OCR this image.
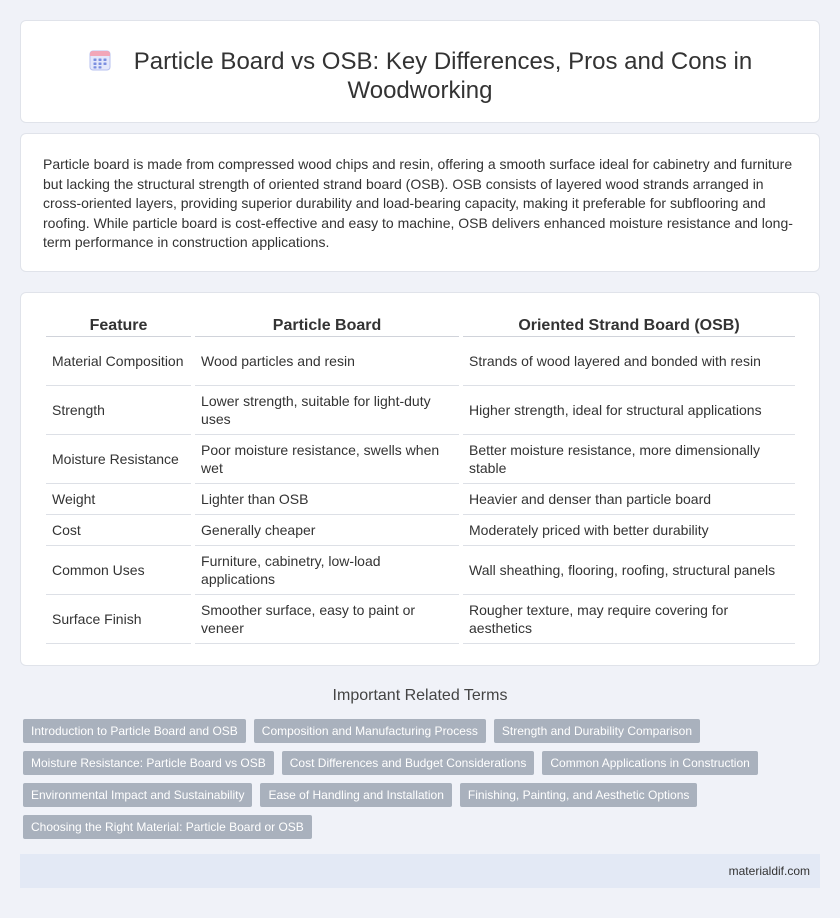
Particle Board vs OSB: Key Differences, Pros and Cons in Woodworking

Particle board is made from compressed wood chips and resin, offering a smooth surface ideal for cabinetry and furniture but lacking the structural strength of oriented strand board (OSB). OSB consists of layered wood strands arranged in cross-oriented layers, providing superior durability and load-bearing capacity, making it preferable for subflooring and roofing. While particle board is cost-effective and easy to machine, OSB delivers enhanced moisture resistance and long-term performance in construction applications.

Feature	Particle Board	Oriented Strand Board (OSB)
Material Composition	Wood particles and resin	Strands of wood layered and bonded with resin
Strength	Lower strength, suitable for light-duty uses	Higher strength, ideal for structural applications
Moisture Resistance	Poor moisture resistance, swells when wet	Better moisture resistance, more dimensionally stable
Weight	Lighter than OSB	Heavier and denser than particle board
Cost	Generally cheaper	Moderately priced with better durability
Common Uses	Furniture, cabinetry, low-load applications	Wall sheathing, flooring, roofing, structural panels
Surface Finish	Smoother surface, easy to paint or veneer	Rougher texture, may require covering for aesthetics
Important Related Terms
Introduction to Particle Board and OSB	Composition and Manufacturing Process	Strength and Durability Comparison
Moisture Resistance: Particle Board vs OSB	Cost Differences and Budget Considerations	Common Applications in Construction
Environmental Impact and Sustainability	Ease of Handling and Installation	Finishing, Painting, and Aesthetic Options
Choosing the Right Material: Particle Board or OSB
materialdif.com
